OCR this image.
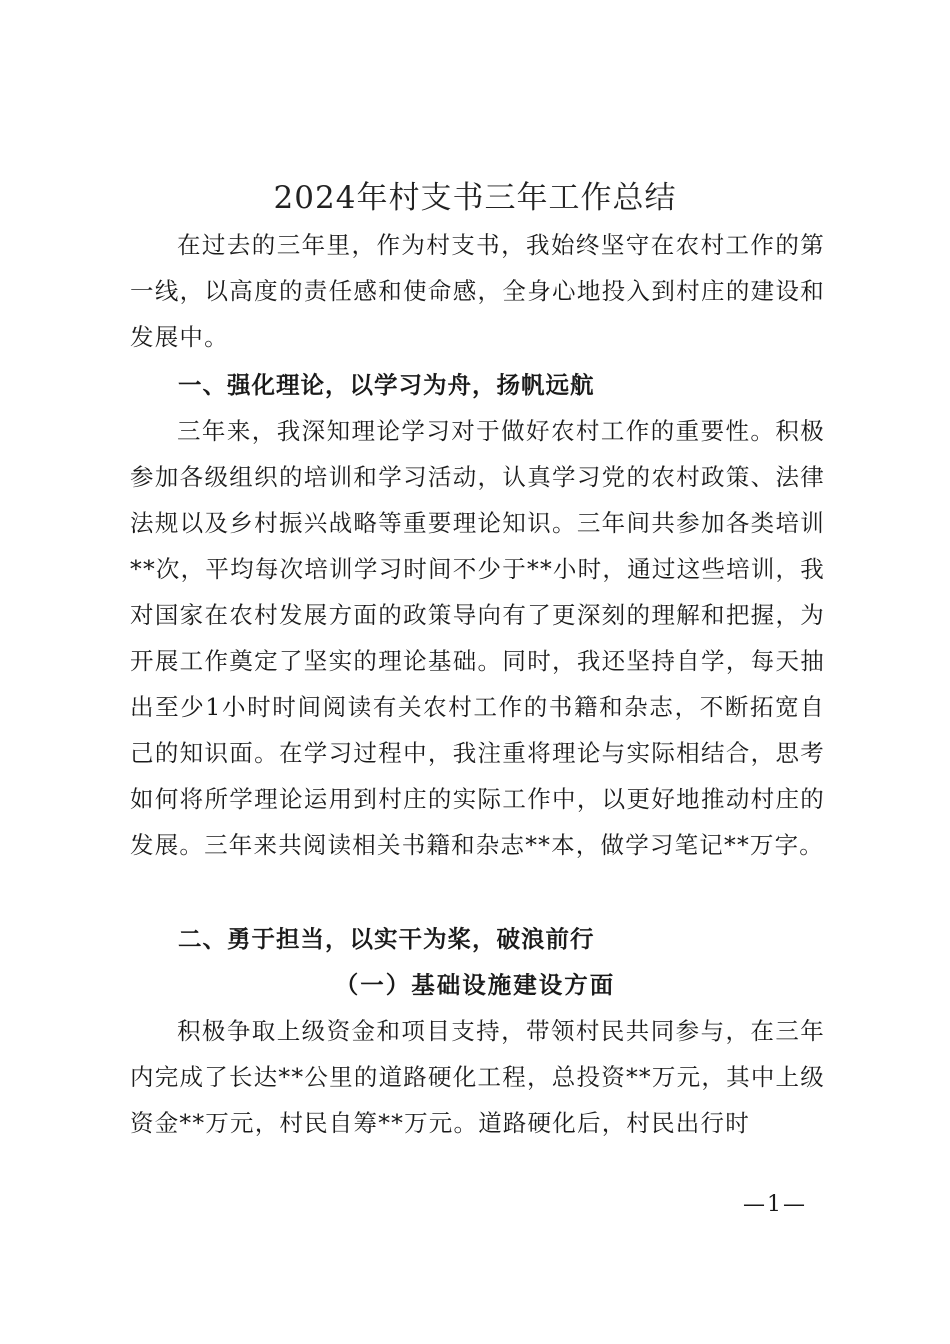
2024年村支书三年工作总结

在过去的三年里，作为村支书，我始终坚守在农村工作的第一线，以高度的责任感和使命感，全身心地投入到村庄的建设和发展中。

一、强化理论，以学习为舟，扬帆远航

三年来，我深知理论学习对于做好农村工作的重要性。积极参加各级组织的培训和学习活动，认真学习党的农村政策、法律法规以及乡村振兴战略等重要理论知识。三年间共参加各类培训**次，平均每次培训学习时间不少于**小时，通过这些培训，我对国家在农村发展方面的政策导向有了更深刻的理解和把握，为开展工作奠定了坚实的理论基础。同时，我还坚持自学，每天抽出至少1小时时间阅读有关农村工作的书籍和杂志，不断拓宽自己的知识面。在学习过程中，我注重将理论与实际相结合，思考如何将所学理论运用到村庄的实际工作中，以更好地推动村庄的发展。三年来共阅读相关书籍和杂志**本，做学习笔记**万字。

二、勇于担当，以实干为桨，破浪前行
（一）基础设施建设方面

积极争取上级资金和项目支持，带领村民共同参与，在三年内完成了长达**公里的道路硬化工程，总投资**万元，其中上级资金**万元，村民自筹**万元。道路硬化后，村民出行时

—1—
